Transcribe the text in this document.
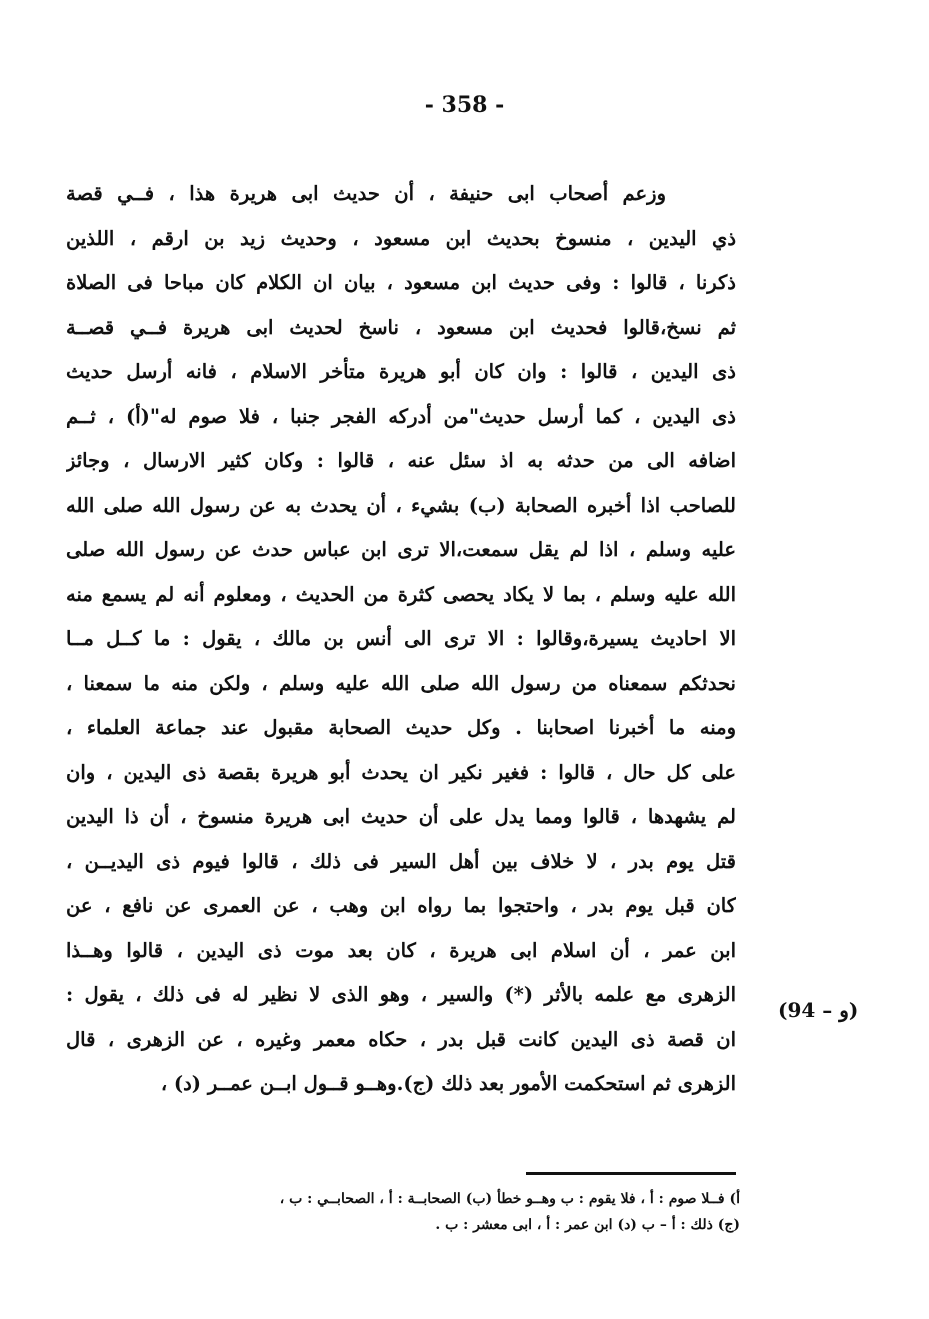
- 358 -
وزعم أصحاب ابى حنيفة ، أن حديث ابى هريرة هذا ، فــي قصة
ذي اليدين ، منسوخ بحديث ابن مسعود ، وحديث زيد بن ارقم ، اللذين
ذكرنا ، قالوا : وفى حديث ابن مسعود ، بيان ان الكلام كان مباحا فى الصلاة
ثم نسخ،قالوا فحديث ابن مسعود ، ناسخ لحديث ابى هريرة فــي قصــة
ذى اليدين ، قالوا : وان كان أبو هريرة متأخر الاسلام ، فانه أرسل حديث
ذى اليدين ، كما أرسل حديث"من أدركه الفجر جنبا ، فلا صوم له"(أ) ، ثــم
اضافه الى من حدثه به اذ سئل عنه ، قالوا : وكان كثير الارسال ، وجائز
للصاحب اذا أخبره الصحابة (ب) بشيء ، أن يحدث به عن رسول الله صلى الله
عليه وسلم ، اذا لم يقل سمعت،الا ترى ابن عباس حدث عن رسول الله صلى
الله عليه وسلم ، بما لا يكاد يحصى كثرة من الحديث ، ومعلوم أنه لم يسمع منه
الا احاديث يسيرة،وقالوا : الا ترى الى أنس بن مالك ، يقول : ما كــل مــا
نحدثكم سمعناه من رسول الله صلى الله عليه وسلم ، ولكن منه ما سمعنا ،
ومنه ما أخبرنا اصحابنا . وكل حديث الصحابة مقبول عند جماعة العلماء ،
على كل حال ، قالوا : فغير نكير ان يحدث أبو هريرة بقصة ذى اليدين ، وان
لم يشهدها ، قالوا ومما يدل على أن حديث ابى هريرة منسوخ ، أن ذا اليدين
قتل يوم بدر ، لا خلاف بين أهل السير فى ذلك ، قالوا فيوم ذى اليديــن ،
كان قبل يوم بدر ، واحتجوا بما رواه ابن وهب ، عن العمرى عن نافع ، عن
ابن عمر ، أن اسلام ابى هريرة ، كان بعد موت ذى اليدين ، قالوا وهــذا
الزهرى مع علمه بالأثر (*) والسير ، وهو الذى لا نظير له فى ذلك ، يقول :
ان قصة ذى اليدين كانت قبل بدر ، حكاه معمر وغيره ، عن الزهرى ، قال
الزهرى ثم استحكمت الأمور بعد ذلك (ج).وهــو قــول ابــن عمــر (د) ،
(94 – و)
أ) فــلا صوم : أ ، فلا يقوم : ب وهــو خطأ (ب) الصحابــة : أ ، الصحابــي : ب ،
(ج) ذلك : أ – ب (د) ابن عمر : أ ، ابى معشر : ب .
